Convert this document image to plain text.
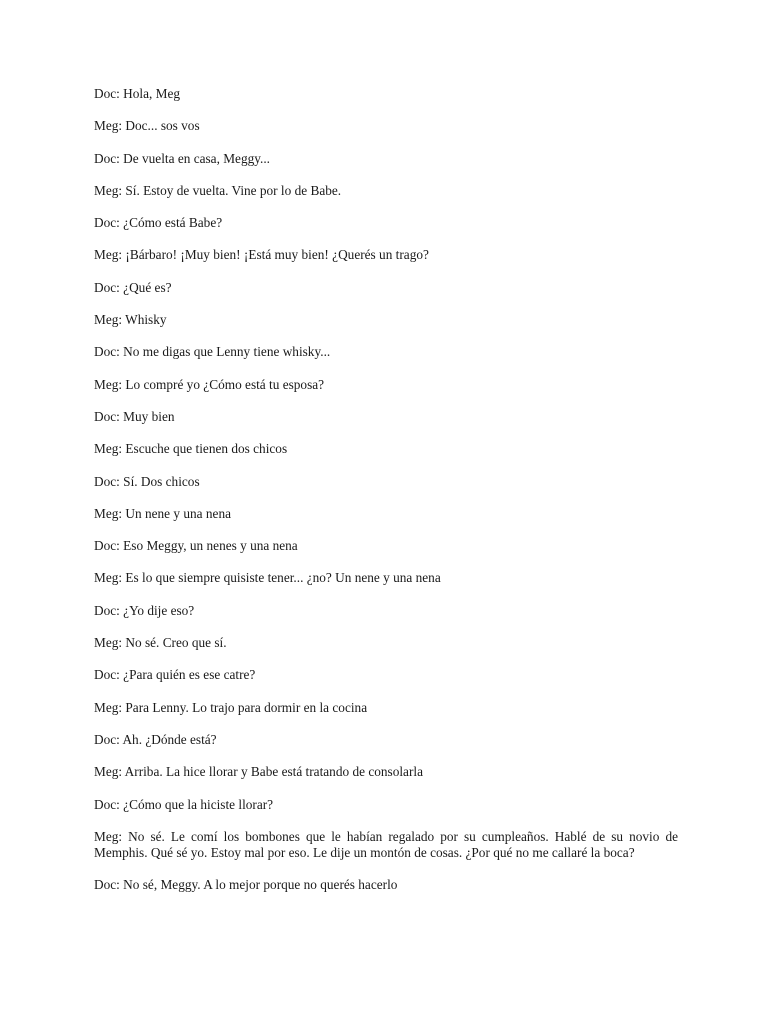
Doc: Hola, Meg

Meg: Doc... sos vos

Doc: De vuelta en casa, Meggy...

Meg: Sí. Estoy de vuelta. Vine por lo de Babe.

Doc: ¿Cómo está Babe?

Meg: ¡Bárbaro! ¡Muy bien! ¡Está muy bien! ¿Querés un trago?

Doc: ¿Qué es?

Meg: Whisky

Doc: No me digas que Lenny tiene whisky...

Meg: Lo compré yo ¿Cómo está tu esposa?

Doc: Muy bien

Meg: Escuche que tienen dos chicos

Doc: Sí. Dos chicos

Meg: Un nene y una nena

Doc: Eso Meggy, un nenes y una nena

Meg: Es lo que siempre quisiste tener... ¿no? Un nene y una nena

Doc: ¿Yo dije eso?

Meg: No sé. Creo que sí.

Doc: ¿Para quién es ese catre?

Meg: Para Lenny. Lo trajo para dormir en la cocina

Doc: Ah. ¿Dónde está?

Meg: Arriba. La hice llorar y Babe está tratando de consolarla

Doc: ¿Cómo que la hiciste llorar?

Meg: No sé. Le comí los bombones que le habían regalado por su cumpleaños. Hablé de su novio de Memphis. Qué sé yo. Estoy mal por eso. Le dije un montón de cosas. ¿Por qué no me callaré la boca?

Doc: No sé, Meggy. A lo mejor porque no querés hacerlo
